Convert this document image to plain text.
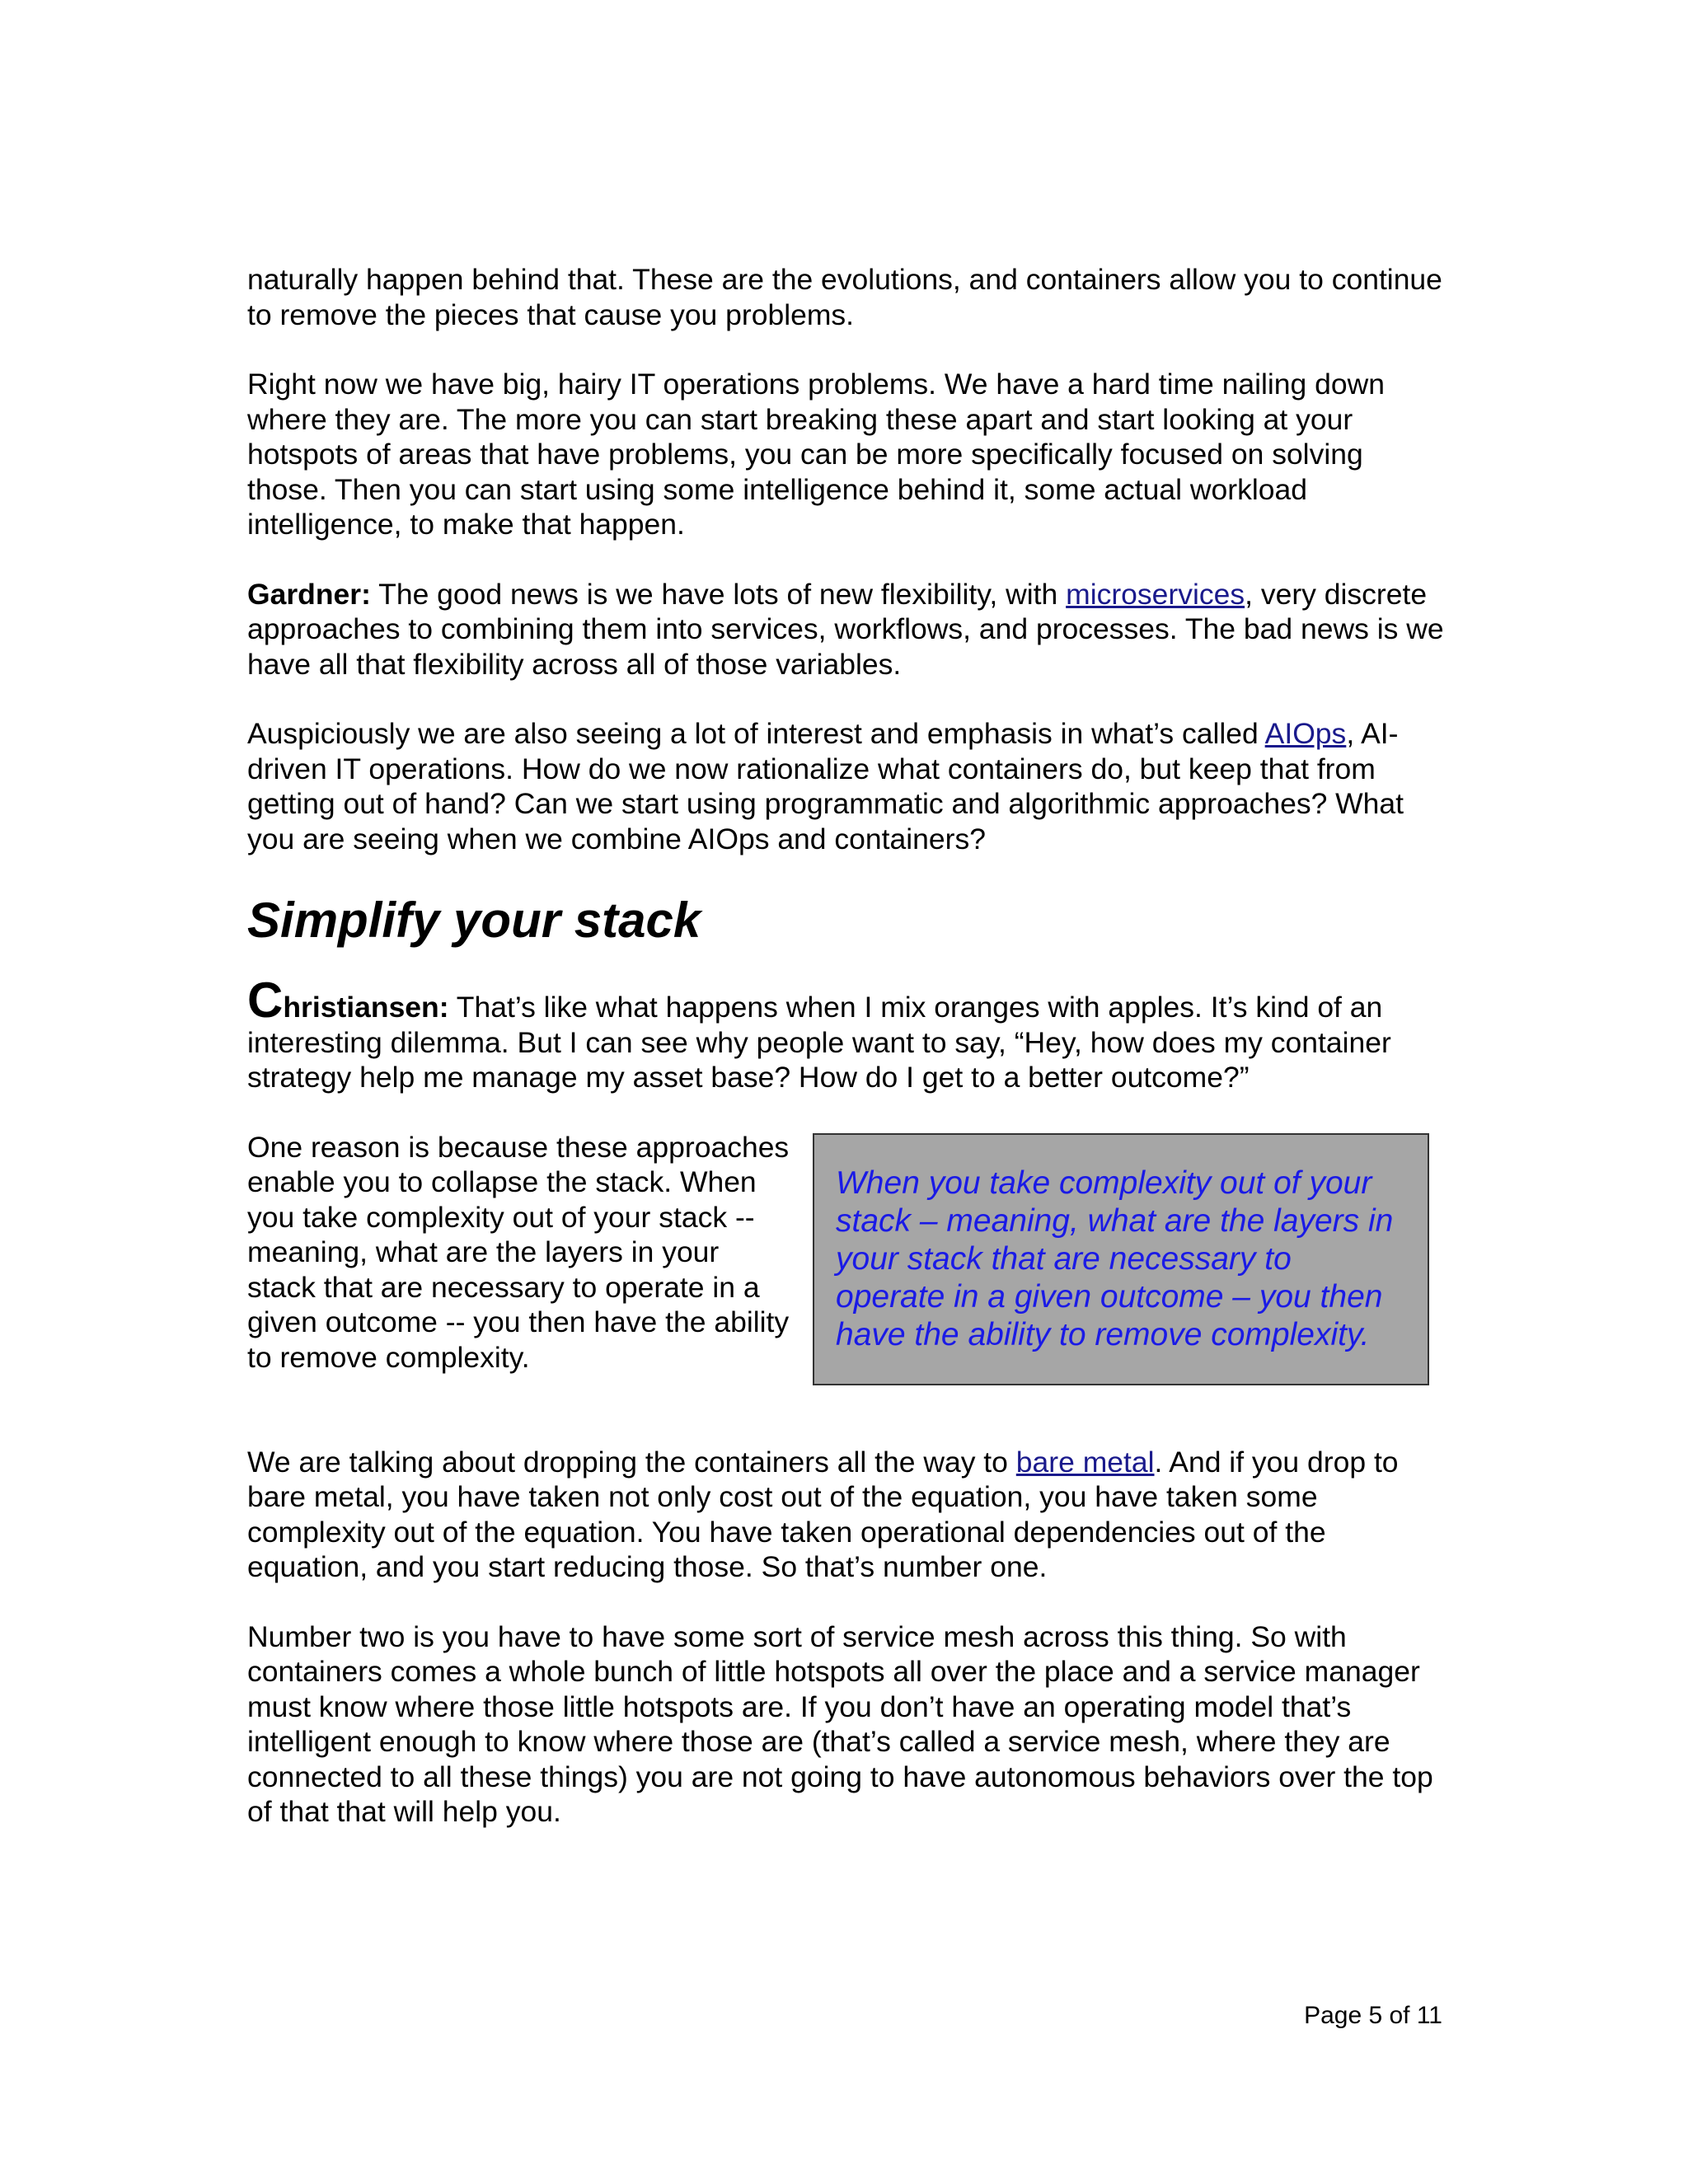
naturally happen behind that. These are the evolutions, and containers allow you to continue to remove the pieces that cause you problems.

Right now we have big, hairy IT operations problems. We have a hard time nailing down where they are. The more you can start breaking these apart and start looking at your hotspots of areas that have problems, you can be more specifically focused on solving those. Then you can start using some intelligence behind it, some actual workload intelligence, to make that happen.

Gardner: The good news is we have lots of new flexibility, with microservices, very discrete approaches to combining them into services, workflows, and processes. The bad news is we have all that flexibility across all of those variables.

Auspiciously we are also seeing a lot of interest and emphasis in what’s called AIOps, AI-driven IT operations. How do we now rationalize what containers do, but keep that from getting out of hand? Can we start using programmatic and algorithmic approaches? What you are seeing when we combine AIOps and containers?

Simplify your stack

Christiansen: That’s like what happens when I mix oranges with apples. It’s kind of an interesting dilemma. But I can see why people want to say, “Hey, how does my container strategy help me manage my asset base? How do I get to a better outcome?”

One reason is because these approaches enable you to collapse the stack. When you take complexity out of your stack -- meaning, what are the layers in your stack that are necessary to operate in a given outcome -- you then have the ability to remove complexity.

When you take complexity out of your stack – meaning, what are the layers in your stack that are necessary to operate in a given outcome – you then have the ability to remove complexity.

We are talking about dropping the containers all the way to bare metal. And if you drop to bare metal, you have taken not only cost out of the equation, you have taken some complexity out of the equation. You have taken operational dependencies out of the equation, and you start reducing those. So that’s number one.

Number two is you have to have some sort of service mesh across this thing. So with containers comes a whole bunch of little hotspots all over the place and a service manager must know where those little hotspots are. If you don’t have an operating model that’s intelligent enough to know where those are (that’s called a service mesh, where they are connected to all these things) you are not going to have autonomous behaviors over the top of that that will help you.

Page 5 of 11
